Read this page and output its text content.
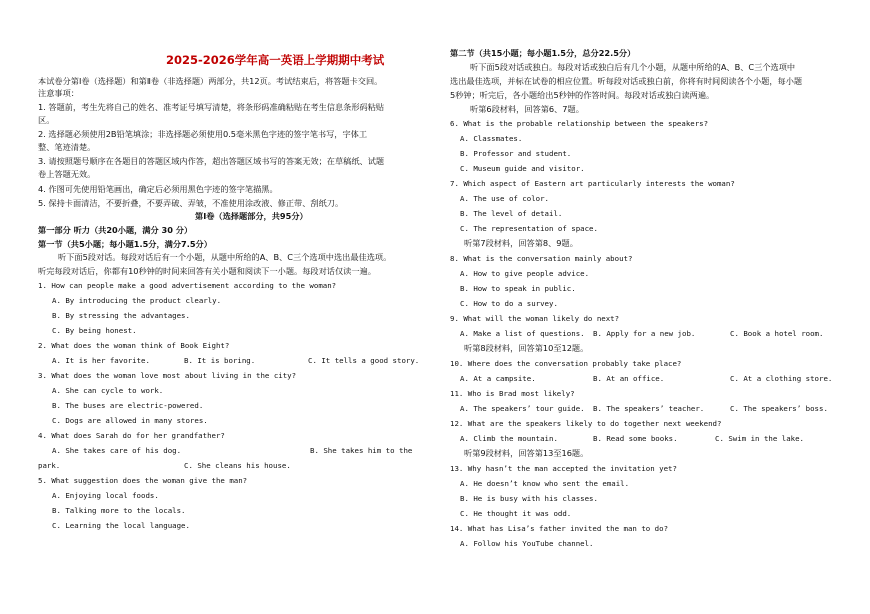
2025-2026学年高一英语上学期期中考试
本试卷分第Ⅰ卷（选择题）和第Ⅱ卷（非选择题）两部分，共12页。考试结束后，将答题卡交回。
注意事项：
1. 答题前，考生先将自己的姓名、准考证号填写清楚，将条形码准确粘贴在考生信息条形码粘贴
区。
2. 选择题必须使用2B铅笔填涂；非选择题必须使用0.5毫米黑色字迹的签字笔书写，字体工
整、笔迹清楚。
3. 请按照题号顺序在各题目的答题区域内作答，超出答题区域书写的答案无效；在草稿纸、试题
卷上答题无效。
4. 作图可先使用铅笔画出，确定后必须用黑色字迹的签字笔描黑。
5. 保持卡面清洁，不要折叠，不要弄破、弄皱，不准使用涂改液、修正带、刮纸刀。
第Ⅰ卷（选择题部分，共95分）
第一部分 听力（共20小题，满分 30 分）
第一节（共5小题；每小题1.5分，满分7.5分）
听下面5段对话。每段对话后有一个小题，从题中所给的A、B、C三个选项中选出最佳选项。
听完每段对话后，你都有10秒钟的时间来回答有关小题和阅读下一小题。每段对话仅读一遍。
1. How can people make a good advertisement according to the woman?
A. By introducing the product clearly.
B. By stressing the advantages.
C. By being honest.
2. What does the woman think of Book Eight?
A. It is her favorite.	B. It is boring.	C. It tells a good story.
3. What does the woman love most about living in the city?
A. She can cycle to work.
B. The buses are electric-powered.
C. Dogs are allowed in many stores.
4. What does Sarah do for her grandfather?
A. She takes care of his dog.	B. She takes him to the
park.	C. She cleans his house.
5. What suggestion does the woman give the man?
A. Enjoying local foods.
B. Talking more to the locals.
C. Learning the local language.
第二节（共15小题；每小题1.5分，总分22.5分）
听下面5段对话或独白。每段对话或独白后有几个小题，从题中所给的A、B、C三个选项中
选出最佳选项，并标在试卷的相应位置。听每段对话或独白前，你将有时间阅读各个小题，每小题
5秒钟；听完后，各小题给出5秒钟的作答时间。每段对话或独白读两遍。
听第6段材料，回答第6、7题。
6. What is the probable relationship between the speakers?
A. Classmates.
B. Professor and student.
C. Museum guide and visitor.
7. Which aspect of Eastern art particularly interests the woman?
A. The use of color.
B. The level of detail.
C. The representation of space.
听第7段材料，回答第8、9题。
8. What is the conversation mainly about?
A. How to give people advice.
B. How to speak in public.
C. How to do a survey.
9. What will the woman likely do next?
A. Make a list of questions. B. Apply for a new job.	C. Book a hotel room.
听第8段材料，回答第10至12题。
10. Where does the conversation probably take place?
A. At a campsite.	B. At an office.	C. At a clothing store.
11. Who is Brad most likely?
A. The speakers’ tour guide. B. The speakers’ teacher.	C. The speakers’ boss.
12. What are the speakers likely to do together next weekend?
A. Climb the mountain.	B. Read some books.	C. Swim in the lake.
听第9段材料，回答第13至16题。
13. Why hasn’t the man accepted the invitation yet?
A. He doesn’t know who sent the email.
B. He is busy with his classes.
C. He thought it was odd.
14. What has Lisa’s father invited the man to do?
A. Follow his YouTube channel.
